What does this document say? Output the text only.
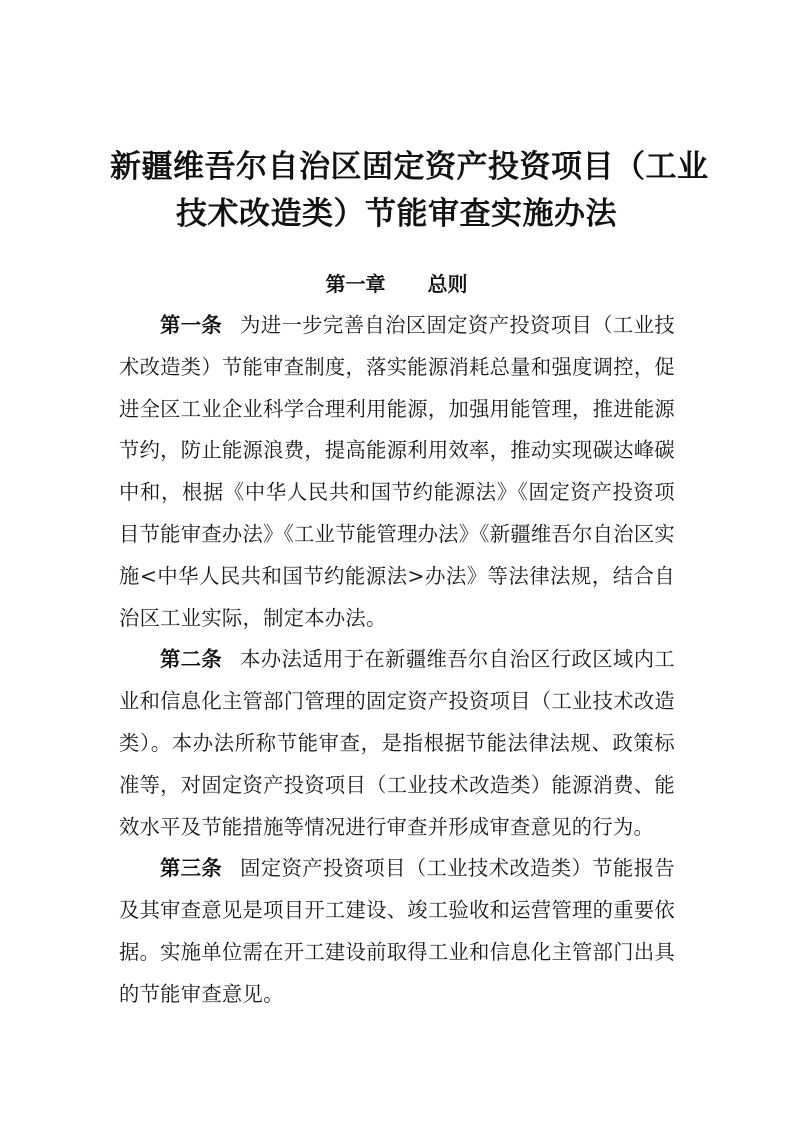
新疆维吾尔自治区固定资产投资项目（工业
技术改造类）节能审查实施办法
第一章 总则

第一条 为进一步完善自治区固定资产投资项目（工业技术改造类）节能审查制度，落实能源消耗总量和强度调控，促进全区工业企业科学合理利用能源，加强用能管理，推进能源节约，防止能源浪费，提高能源利用效率，推动实现碳达峰碳中和，根据《中华人民共和国节约能源法》《固定资产投资项目节能审查办法》《工业节能管理办法》《新疆维吾尔自治区实施<中华人民共和国节约能源法>办法》等法律法规，结合自治区工业实际，制定本办法。

第二条 本办法适用于在新疆维吾尔自治区行政区域内工业和信息化主管部门管理的固定资产投资项目（工业技术改造类）。本办法所称节能审查，是指根据节能法律法规、政策标准等，对固定资产投资项目（工业技术改造类）能源消费、能效水平及节能措施等情况进行审查并形成审查意见的行为。

第三条 固定资产投资项目（工业技术改造类）节能报告及其审查意见是项目开工建设、竣工验收和运营管理的重要依据。实施单位需在开工建设前取得工业和信息化主管部门出具的节能审查意见。
